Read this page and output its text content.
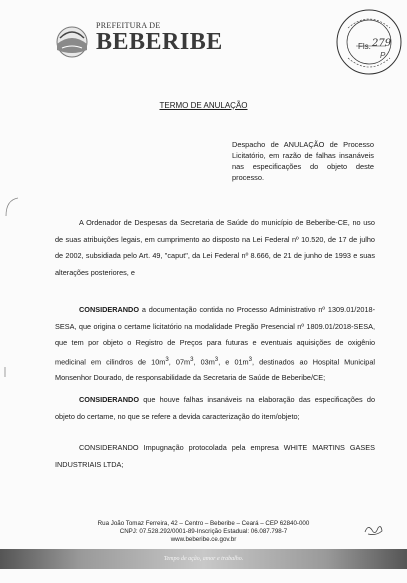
PREFEITURA DE
BEBERIBE	Fls. 279
P
TERMO DE ANULAÇÃO
Despacho de ANULAÇÃO de Processo Licitatório, em razão de falhas insanáveis nas especificações do objeto deste processo.
A Ordenador de Despesas da Secretaria de Saúde do município de Beberibe-CE, no uso de suas atribuições legais, em cumprimento ao disposto na Lei Federal nº 10.520, de 17 de julho de 2002, subsidiada pelo Art. 49, "caput", da Lei Federal nº 8.666, de 21 de junho de 1993 e suas alterações posteriores, e
CONSIDERANDO a documentação contida no Processo Administrativo nº 1309.01/2018-SESA, que origina o certame licitatório na modalidade Pregão Presencial nº 1809.01/2018-SESA, que tem por objeto o Registro de Preços para futuras e eventuais aquisições de oxigênio medicinal em cilindros de $10m^3$, $07m^3$, $03m^3$, e $01m^3$, destinados ao Hospital Municipal Monsenhor Dourado, de responsabilidade da Secretaria de Saúde de Beberibe/CE;
CONSIDERANDO que houve falhas insanáveis na elaboração das especificações do objeto do certame, no que se refere a devida caracterização do item/objeto;
CONSIDERANDO Impugnação protocolada pela empresa WHITE MARTINS GASES INDUSTRIAIS LTDA;
Rua João Tomaz Ferreira, 42 – Centro – Beberibe – Ceará – CEP 62840-000
CNPJ: 07.528.292/0001-89-Inscrição Estadual: 06.087.798-7
www.beberibe.ce.gov.br
Tempo de ação, amor e trabalho.
